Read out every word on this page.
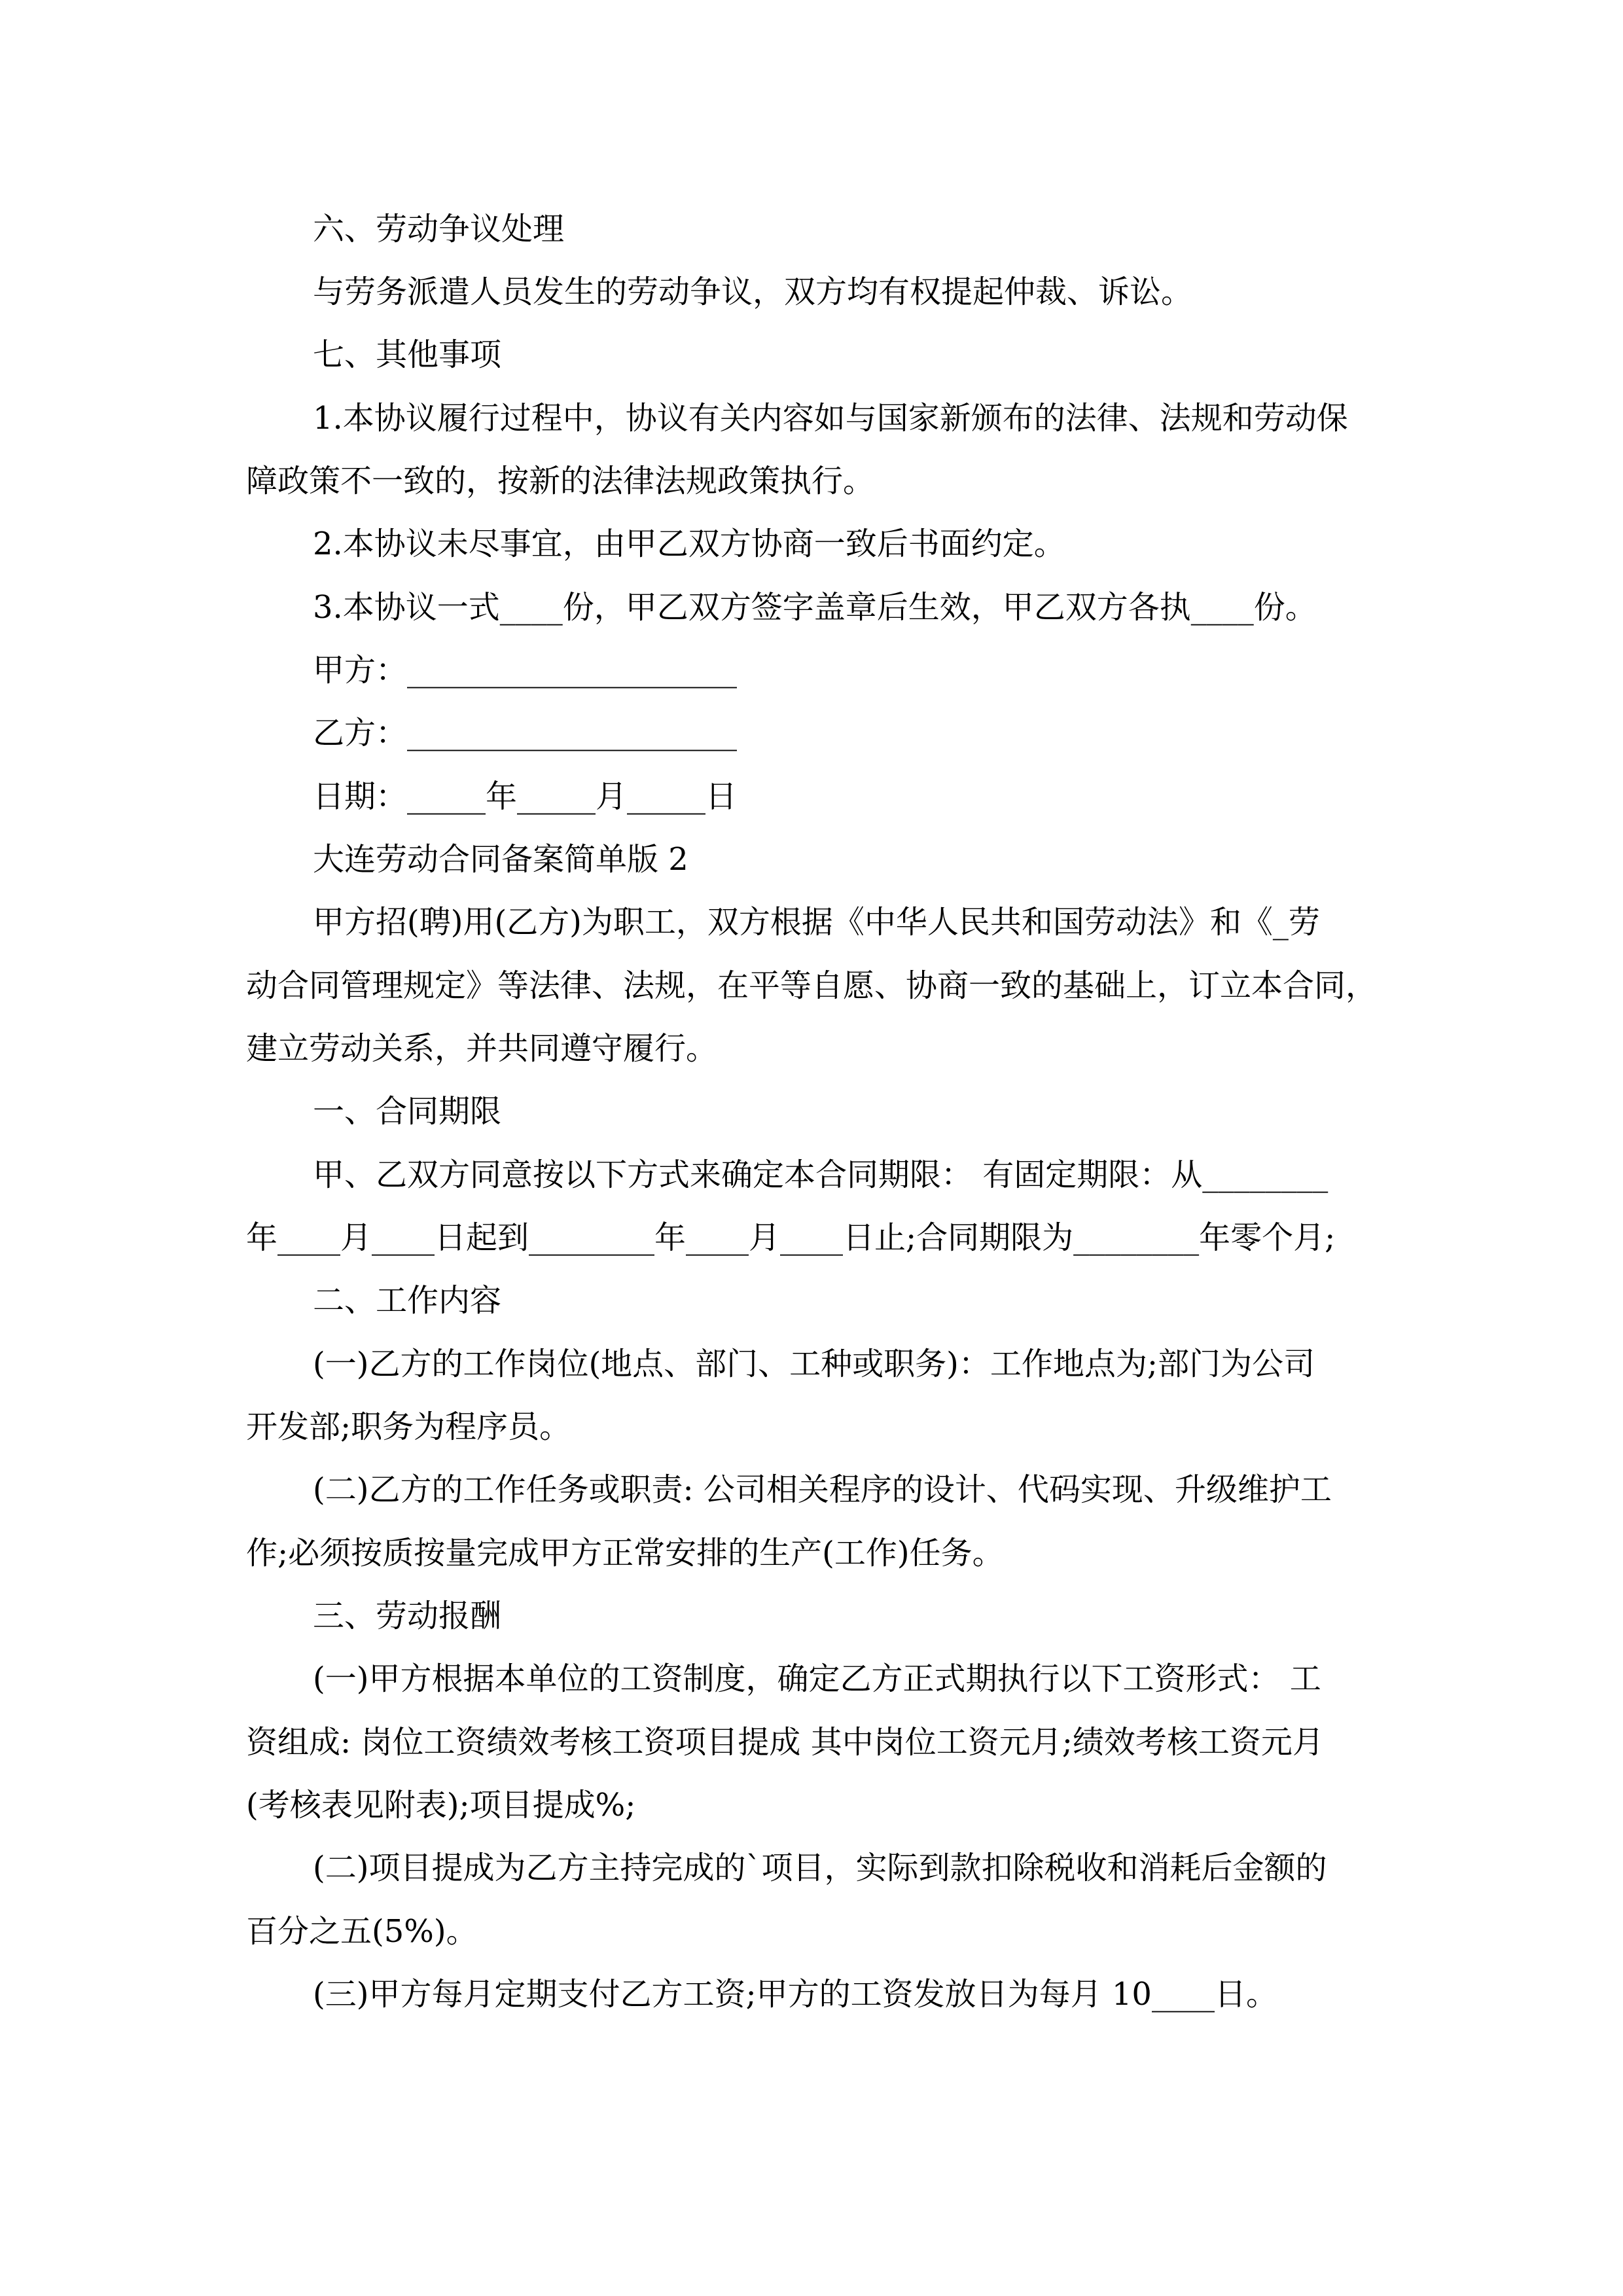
六、劳动争议处理
与劳务派遣人员发生的劳动争议，双方均有权提起仲裁、诉讼。
七、其他事项
1.本协议履行过程中，协议有关内容如与国家新颁布的法律、法规和劳动保
障政策不一致的，按新的法律法规政策执行。
2.本协议未尽事宜，由甲乙双方协商一致后书面约定。
3.本协议一式____份，甲乙双方签字盖章后生效，甲乙双方各执____份。
甲方：_____________________
乙方：_____________________
日期：_____年_____月_____日
大连劳动合同备案简单版 2
甲方招(聘)用(乙方)为职工，双方根据《中华人民共和国劳动法》和《_劳
动合同管理规定》等法律、法规，在平等自愿、协商一致的基础上，订立本合同，
建立劳动关系，并共同遵守履行。
一、合同期限
甲、乙双方同意按以下方式来确定本合同期限： 有固定期限：从________
年____月____日起到________年____月____日止;合同期限为________年零个月;
二、工作内容
(一)乙方的工作岗位(地点、部门、工种或职务)：工作地点为;部门为公司
开发部;职务为程序员。
(二)乙方的工作任务或职责: 公司相关程序的设计、代码实现、升级维护工
作;必须按质按量完成甲方正常安排的生产(工作)任务。
三、劳动报酬
(一)甲方根据本单位的工资制度，确定乙方正式期执行以下工资形式： 工
资组成: 岗位工资绩效考核工资项目提成 其中岗位工资元月;绩效考核工资元月
(考核表见附表);项目提成%;
(二)项目提成为乙方主持完成的`项目，实际到款扣除税收和消耗后金额的
百分之五(5%)。
(三)甲方每月定期支付乙方工资;甲方的工资发放日为每月 10____日。
